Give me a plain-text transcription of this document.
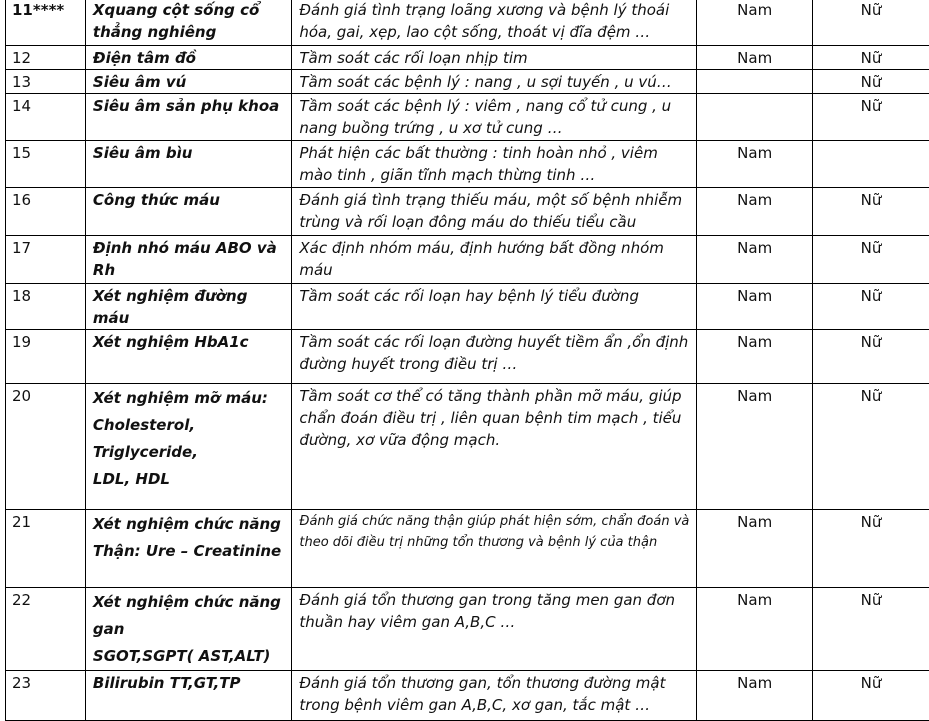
11****	Xquang cột sống cổ thẳng nghiêng	Đánh giá tình trạng loãng xương và bệnh lý thoái hóa, gai, xẹp, lao cột sống, thoát vị đĩa đệm …	Nam	Nữ
12	Điện tâm đồ	Tầm soát các rối loạn nhịp tim	Nam	Nữ
13	Siêu âm vú	Tầm soát các bệnh lý : nang , u sợi tuyến , u vú…		Nữ
14	Siêu âm sản phụ khoa	Tầm soát các bệnh lý : viêm , nang cổ tử cung , u nang buồng trứng , u xơ tử cung …		Nữ
15	Siêu âm bìu	Phát hiện các bất thường : tinh hoàn nhỏ , viêm mào tinh , giãn tĩnh mạch thừng tinh …	Nam	
16	Công thức máu	Đánh giá tình trạng thiếu máu, một số bệnh nhiễm trùng và rối loạn đông máu do thiếu tiểu cầu	Nam	Nữ
17	Định nhó máu ABO và Rh	Xác định nhóm máu, định hướng bất đồng nhóm máu	Nam	Nữ
18	Xét nghiệm đường máu	Tầm soát các rối loạn hay bệnh lý tiểu đường	Nam	Nữ
19	Xét nghiệm HbA1c	Tầm soát các rối loạn đường huyết tiềm ẩn ,ổn định đường huyết trong điều trị …	Nam	Nữ
20	Xét nghiệm mỡ máu:
Cholesterol,
Triglyceride,
LDL, HDL	Tầm soát cơ thể có tăng thành phần mỡ máu, giúp chẩn đoán điều trị , liên quan bệnh tim mạch , tiểu đường, xơ vữa động mạch.	Nam	Nữ
21	Xét nghiệm chức năng
Thận: Ure – Creatinine	Đánh giá chức năng thận giúp phát hiện sớm, chẩn đoán và theo dõi điều trị những tổn thương và bệnh lý của thận	Nam	Nữ
22	Xét nghiệm chức năng gan
SGOT,SGPT( AST,ALT)	Đánh giá tổn thương gan trong tăng men gan đơn thuần hay viêm gan A,B,C …	Nam	Nữ
23	Bilirubin TT,GT,TP	Đánh giá tổn thương gan, tổn thương đường mật trong bệnh viêm gan A,B,C, xơ gan, tắc mật …	Nam	Nữ
